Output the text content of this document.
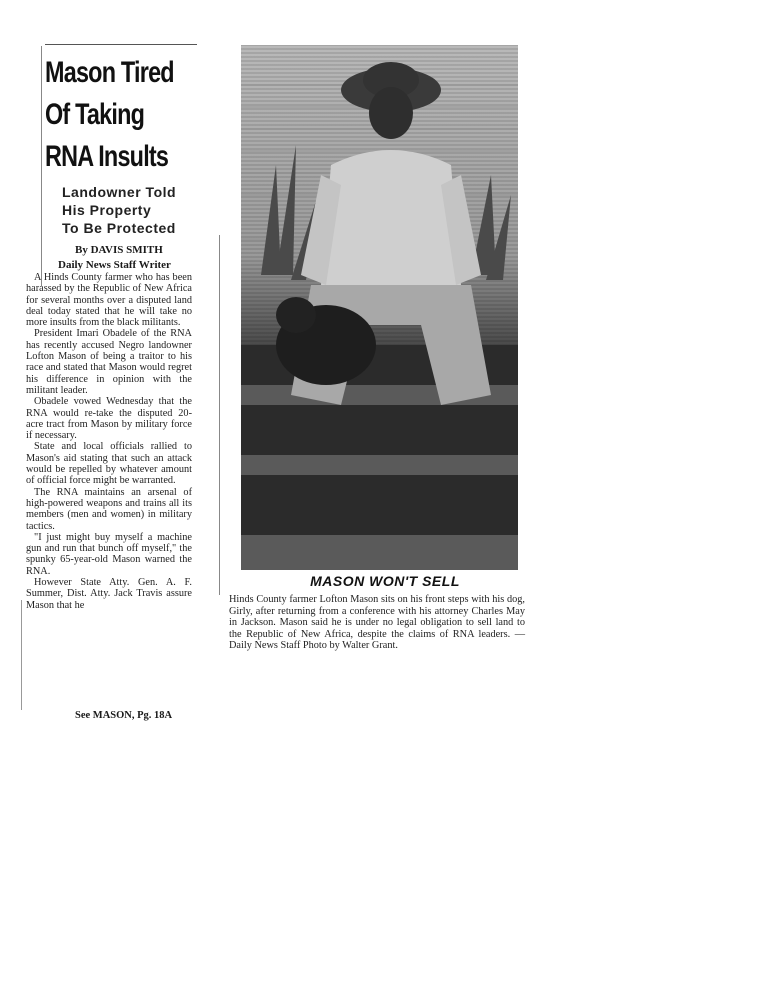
Mason Tired
Of Taking
RNA Insults
Landowner Told
His Property
To Be Protected
By DAVIS SMITH
Daily News Staff Writer

A Hinds County farmer who has been harassed by the Republic of New Africa for several months over a disputed land deal today stated that he will take no more insults from the black militants.

President Imari Obadele of the RNA has recently accused Negro landowner Lofton Mason of being a traitor to his race and stated that Mason would regret his difference in opinion with the militant leader.

Obadele vowed Wednesday that the RNA would re-take the disputed 20-acre tract from Mason by military force if necessary.

State and local officials rallied to Mason's aid stating that such an attack would be repelled by whatever amount of official force might be warranted.

The RNA maintains an arsenal of high-powered weapons and trains all its members (men and women) in military tactics.

"I just might buy myself a machine gun and run that bunch off myself," the spunky 65-year-old Mason warned the RNA.

However State Atty. Gen. A. F. Summer, Dist. Atty. Jack Travis assure Mason that he

See MASON, Pg. 18A
MASON WON'T SELL
Hinds County farmer Lofton Mason sits on his front steps with his dog, Girly, after returning from a conference with his attorney Charles May in Jackson. Mason said he is under no legal obligation to sell land to the Republic of New Africa, despite the claims of RNA leaders. — Daily News Staff Photo by Walter Grant.
